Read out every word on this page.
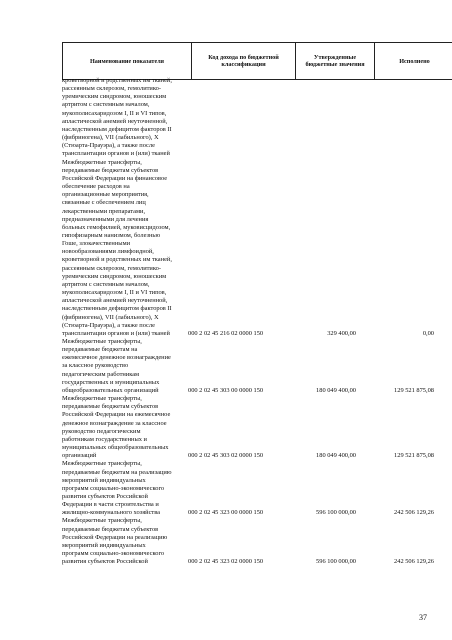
Наименование показателя	Код дохода по бюджетной классификации	Утвержденные бюджетные значения	Исполнено
кроветворной и родственных им тканей,
рассеянным склерозом, гемолитико-
уремическим синдромом, юношеским
артритом с системным началом,
мукополисахаридозом I, II и VI типов,
апластической анемией неуточненной,
наследственным дефицитом факторов II
(фибриногена), VII (лабильного), X
(Стюарта-Прауэра), а также после
трансплантации органов и (или) тканей
Межбюджетные трансферты,
передаваемые бюджетам субъектов
Российской Федерации на финансовое
обеспечение расходов на
организационные мероприятия,
связанные с обеспечением лиц
лекарственными препаратами,
предназначенными для лечения
больных гемофилией, муковисцидозом,
гипофизарным нанизмом, болезнью
Гоше, злокачественными
новообразованиями лимфоидной,
кроветворной и родственных им тканей,
рассеянным склерозом, гемолитико-
уремическим синдромом, юношеским
артритом с системным началом,
мукополисахаридозом I, II и VI типов,
апластической анемией неуточненной,
наследственным дефицитом факторов II
(фибриногена), VII (лабильного), X
(Стюарта-Прауэра), а также после
трансплантации органов и (или) тканей	000 2 02 45 216 02 0000 150	329 400,00	0,00
Межбюджетные трансферты,
передаваемые бюджетам на
ежемесячное денежное вознаграждение
за классное руководство
педагогическим работникам
государственных и муниципальных
общеобразовательных организаций	000 2 02 45 303 00 0000 150	180 049 400,00	129 521 875,08
Межбюджетные трансферты,
передаваемые бюджетам субъектов
Российской Федерации на ежемесячное
денежное вознаграждение за классное
руководство педагогическим
работникам государственных и
муниципальных общеобразовательных
организаций	000 2 02 45 303 02 0000 150	180 049 400,00	129 521 875,08
Межбюджетные трансферты,
передаваемые бюджетам на реализацию
мероприятий индивидуальных
программ социально-экономического
развития субъектов Российской
Федерации в части строительства и
жилищно-коммунального хозяйства	000 2 02 45 323 00 0000 150	596 100 000,00	242 506 129,26
Межбюджетные трансферты,
передаваемые бюджетам субъектов
Российской Федерации на реализацию
мероприятий индивидуальных
программ социально-экономического
развития субъектов Российской	000 2 02 45 323 02 0000 150	596 100 000,00	242 506 129,26
37
